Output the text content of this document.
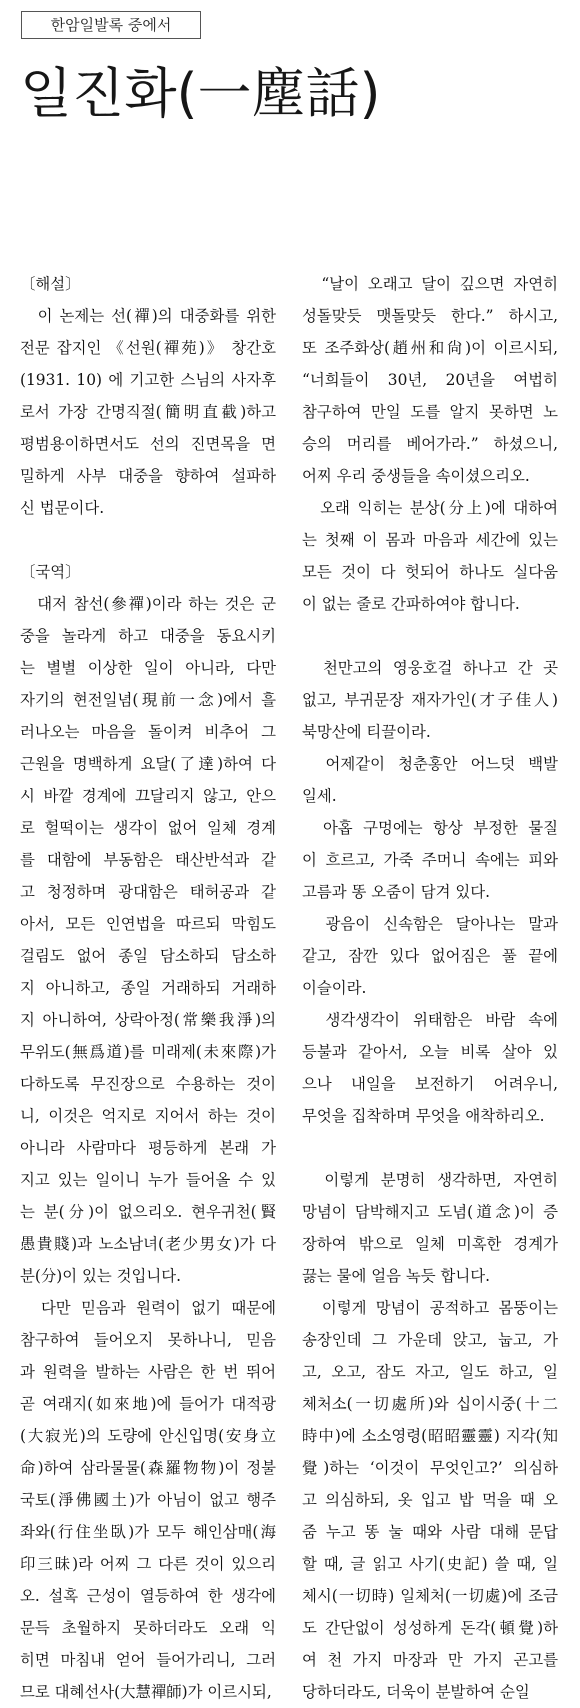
한암일발록 중에서
일진화(一塵話)
〔해설〕
　이 논제는 선(禪)의 대중화를 위한
전문 잡지인 《선원(禪苑)》 창간호
(1931. 10) 에 기고한 스님의 사자후
로서 가장 간명직절(簡明直截)하고
평범용이하면서도 선의 진면목을 면
밀하게 사부 대중을 향하여 설파하
신 법문이다.
〔국역〕
　대저 참선(參禪)이라 하는 것은 군
중을 놀라게 하고 대중을 동요시키
는 별별 이상한 일이 아니라, 다만
자기의 현전일념(現前一念)에서 흘
러나오는 마음을 돌이켜 비추어 그
근원을 명백하게 요달(了達)하여 다
시 바깥 경계에 끄달리지 않고, 안으
로 헐떡이는 생각이 없어 일체 경계
를 대함에 부동함은 태산반석과 같
고 청정하며 광대함은 태허공과 같
아서, 모든 인연법을 따르되 막힘도
걸림도 없어 종일 담소하되 담소하
지 아니하고, 종일 거래하되 거래하
지 아니하여, 상락아정(常樂我淨)의
무위도(無爲道)를 미래제(未來際)가
다하도록 무진장으로 수용하는 것이
니, 이것은 억지로 지어서 하는 것이
아니라 사람마다 평등하게 본래 가
지고 있는 일이니 누가 들어올 수 있
는 분(分)이 없으리오. 현우귀천(賢
愚貴賤)과 노소남녀(老少男女)가 다
분(分)이 있는 것입니다.
　다만 믿음과 원력이 없기 때문에
참구하여 들어오지 못하나니, 믿음
과 원력을 발하는 사람은 한 번 뛰어
곧 여래지(如來地)에 들어가 대적광
(大寂光)의 도량에 안신입명(安身立
命)하여 삼라물물(森羅物物)이 정불
국토(淨佛國土)가 아님이 없고 행주
좌와(行住坐臥)가 모두 해인삼매(海
印三昧)라 어찌 그 다른 것이 있으리
오. 설혹 근성이 열등하여 한 생각에
문득 초월하지 못하더라도 오래 익
히면 마침내 얻어 들어가리니, 그러
므로 대혜선사(大慧禪師)가 이르시되,
　“날이 오래고 달이 깊으면 자연히
성돌맞듯 맷돌맞듯 한다.” 하시고,
또 조주화상(趙州和尙)이 이르시되,
“너희들이 30년, 20년을 여법히
참구하여 만일 도를 알지 못하면 노
승의 머리를 베어가라.” 하셨으니,
어찌 우리 중생들을 속이셨으리오.
　오래 익히는 분상(分上)에 대하여
는 첫째 이 몸과 마음과 세간에 있는
모든 것이 다 헛되어 하나도 실다움
이 없는 줄로 간파하여야 합니다.
　천만고의 영웅호걸 하나고 간 곳
없고, 부귀문장 재자가인(才子佳人)
북망산에 티끌이라.
　어제같이 청춘홍안 어느덧 백발
일세.
　아홉 구멍에는 항상 부정한 물질
이 흐르고, 가죽 주머니 속에는 피와
고름과 똥 오줌이 담겨 있다.
　광음이 신속함은 달아나는 말과
같고, 잠깐 있다 없어짐은 풀 끝에
이슬이라.
　생각생각이 위태함은 바람 속에
등불과 같아서, 오늘 비록 살아 있
으나 내일을 보전하기 어려우니,
무엇을 집착하며 무엇을 애착하리오.
　이렇게 분명히 생각하면, 자연히
망념이 담박해지고 도념(道念)이 증
장하여 밖으로 일체 미혹한 경계가
끓는 물에 얼음 녹듯 합니다.
　이렇게 망념이 공적하고 몸뚱이는
송장인데 그 가운데 앉고, 눕고, 가
고, 오고, 잠도 자고, 일도 하고, 일
체처소(一切處所)와 십이시중(十二
時中)에 소소영령(昭昭靈靈) 지각(知
覺)하는 ‘이것이 무엇인고?’ 의심하
고 의심하되, 옷 입고 밥 먹을 때 오
줌 누고 똥 눌 때와 사람 대해 문답
할 때, 글 읽고 사기(史記) 쓸 때, 일
체시(一切時) 일체처(一切處)에 조금
도 간단없이 성성하게 돈각(頓覺)하
여 천 가지 마장과 만 가지 곤고를
당하더라도, 더욱이 분발하여 순일
